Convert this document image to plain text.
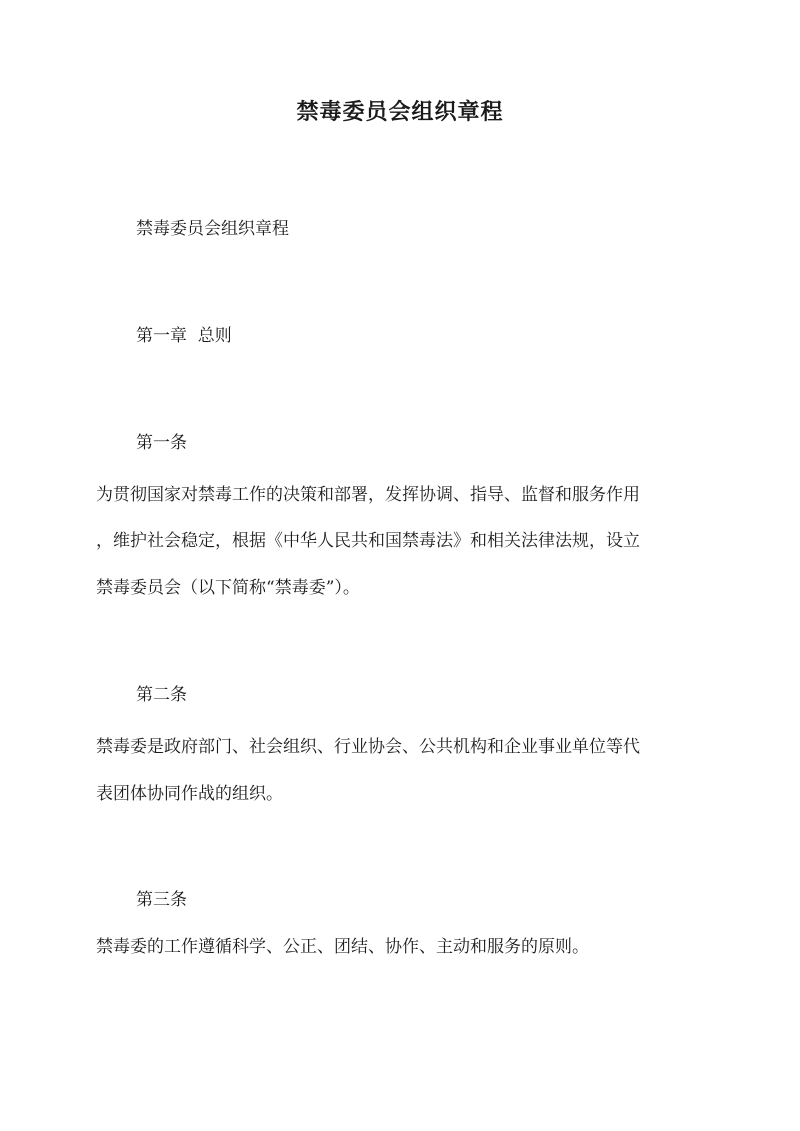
禁毒委员会组织章程
禁毒委员会组织章程
第一章  总则
第一条
为贯彻国家对禁毒工作的决策和部署，发挥协调、指导、监督和服务作用
，维护社会稳定，根据《中华人民共和国禁毒法》和相关法律法规，设立
禁毒委员会（以下简称“禁毒委”）。
第二条
禁毒委是政府部门、社会组织、行业协会、公共机构和企业事业单位等代
表团体协同作战的组织。
第三条
禁毒委的工作遵循科学、公正、团结、协作、主动和服务的原则。
